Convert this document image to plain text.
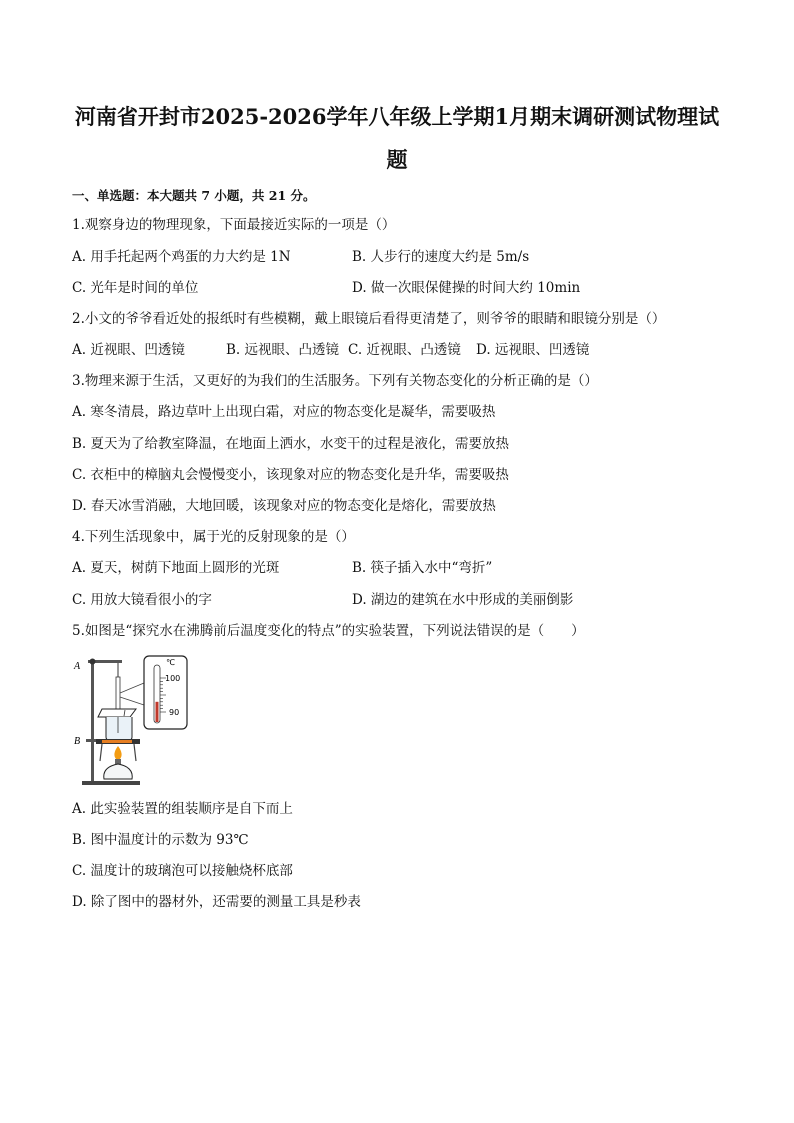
河南省开封市2025-2026学年八年级上学期1月期末调研测试物理试
题
一、单选题：本大题共 7 小题，共 21 分。
1.观察身边的物理现象，下面最接近实际的一项是（）
A. 用手托起两个鸡蛋的力大约是 1N	B. 人步行的速度大约是 5m/s
C. 光年是时间的单位	D. 做一次眼保健操的时间大约 10min
2.小文的爷爷看近处的报纸时有些模糊，戴上眼镜后看得更清楚了，则爷爷的眼睛和眼镜分别是（）
A. 近视眼、凹透镜	B. 远视眼、凸透镜 C. 近视眼、凸透镜 D. 远视眼、凹透镜
3.物理来源于生活，又更好的为我们的生活服务。下列有关物态变化的分析正确的是（）
A. 寒冬清晨，路边草叶上出现白霜，对应的物态变化是凝华，需要吸热
B. 夏天为了给教室降温，在地面上洒水，水变干的过程是液化，需要放热
C. 衣柜中的樟脑丸会慢慢变小，该现象对应的物态变化是升华，需要吸热
D. 春天冰雪消融，大地回暖，该现象对应的物态变化是熔化，需要放热
4.下列生活现象中，属于光的反射现象的是（）
A. 夏天，树荫下地面上圆形的光斑	B. 筷子插入水中“弯折”
C. 用放大镜看很小的字	D. 湖边的建筑在水中形成的美丽倒影
5.如图是“探究水在沸腾前后温度变化的特点”的实验装置，下列说法错误的是（　　）
A
B
℃
100
90
A. 此实验装置的组装顺序是自下而上
B. 图中温度计的示数为 93℃
C. 温度计的玻璃泡可以接触烧杯底部
D. 除了图中的器材外，还需要的测量工具是秒表
